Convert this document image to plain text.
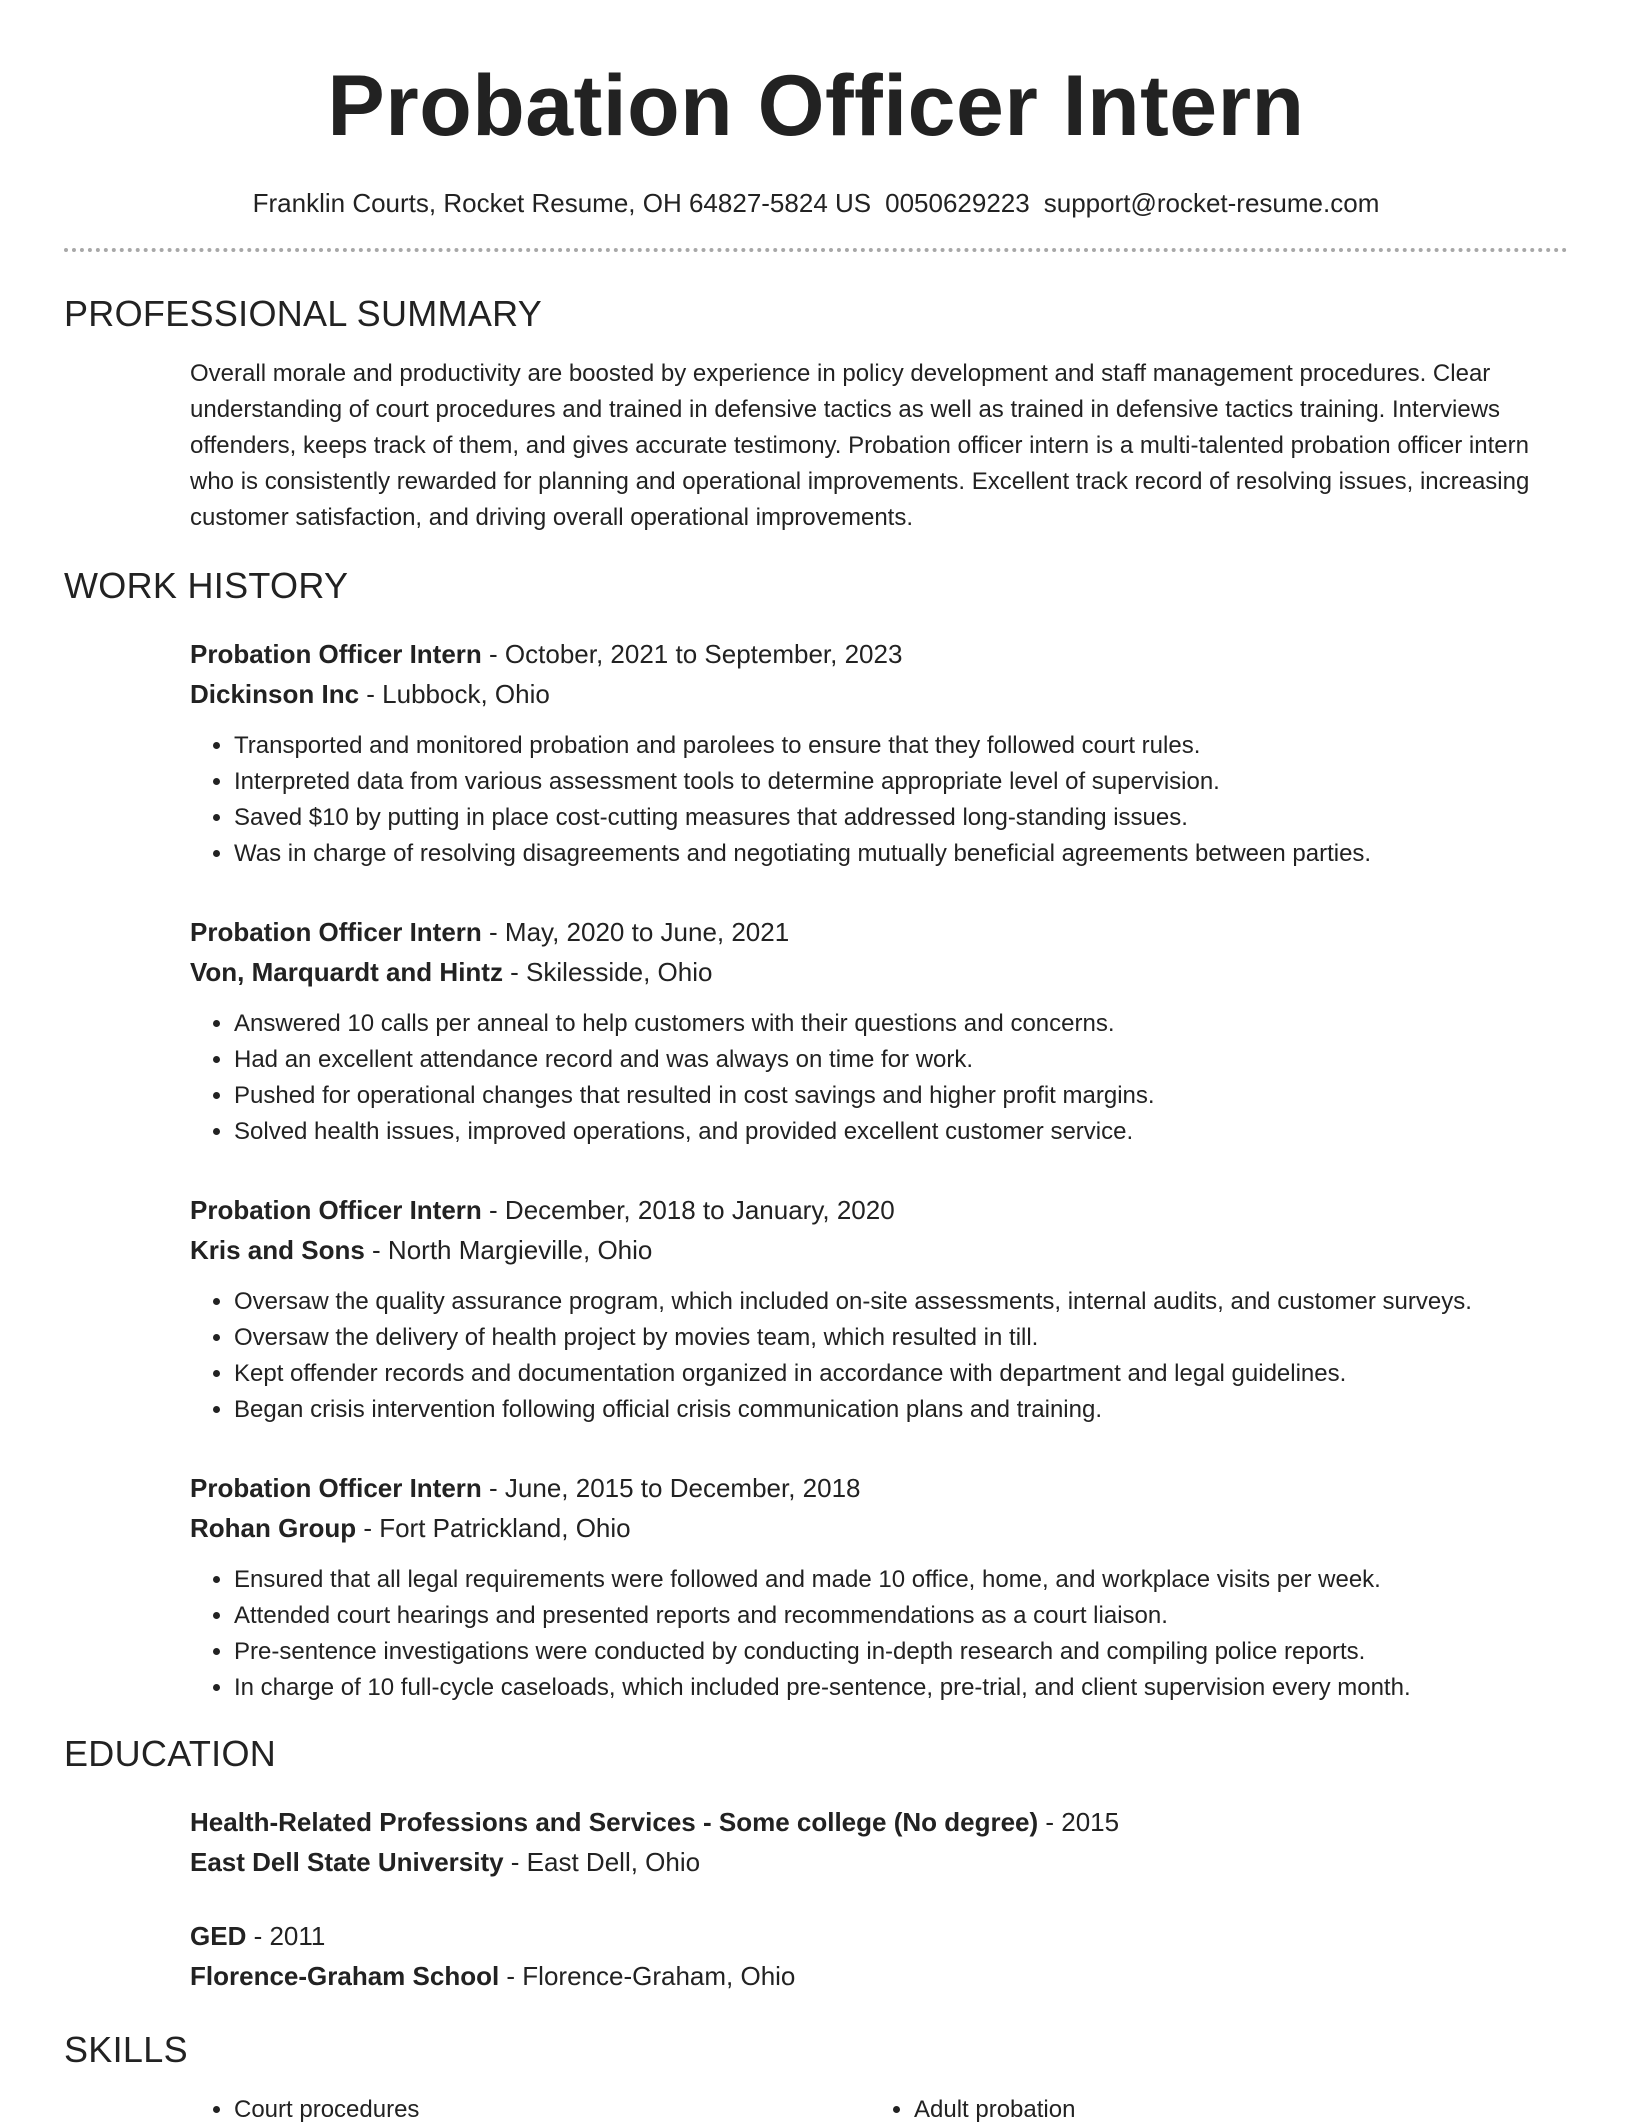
Probation Officer Intern
Franklin Courts, Rocket Resume, OH 64827-5824 US 0050629223 support@rocket-resume.com
PROFESSIONAL SUMMARY
Overall morale and productivity are boosted by experience in policy development and staff management procedures. Clear understanding of court procedures and trained in defensive tactics as well as trained in defensive tactics training. Interviews offenders, keeps track of them, and gives accurate testimony. Probation officer intern is a multi-talented probation officer intern who is consistently rewarded for planning and operational improvements. Excellent track record of resolving issues, increasing customer satisfaction, and driving overall operational improvements.
WORK HISTORY
Probation Officer Intern - October, 2021 to September, 2023
Dickinson Inc - Lubbock, Ohio
• Transported and monitored probation and parolees to ensure that they followed court rules.
• Interpreted data from various assessment tools to determine appropriate level of supervision.
• Saved $10 by putting in place cost-cutting measures that addressed long-standing issues.
• Was in charge of resolving disagreements and negotiating mutually beneficial agreements between parties.
Probation Officer Intern - May, 2020 to June, 2021
Von, Marquardt and Hintz - Skilesside, Ohio
• Answered 10 calls per anneal to help customers with their questions and concerns.
• Had an excellent attendance record and was always on time for work.
• Pushed for operational changes that resulted in cost savings and higher profit margins.
• Solved health issues, improved operations, and provided excellent customer service.
Probation Officer Intern - December, 2018 to January, 2020
Kris and Sons - North Margieville, Ohio
• Oversaw the quality assurance program, which included on-site assessments, internal audits, and customer surveys.
• Oversaw the delivery of health project by movies team, which resulted in till.
• Kept offender records and documentation organized in accordance with department and legal guidelines.
• Began crisis intervention following official crisis communication plans and training.
Probation Officer Intern - June, 2015 to December, 2018
Rohan Group - Fort Patrickland, Ohio
• Ensured that all legal requirements were followed and made 10 office, home, and workplace visits per week.
• Attended court hearings and presented reports and recommendations as a court liaison.
• Pre-sentence investigations were conducted by conducting in-depth research and compiling police reports.
• In charge of 10 full-cycle caseloads, which included pre-sentence, pre-trial, and client supervision every month.
EDUCATION
Health-Related Professions and Services - Some college (No degree) - 2015
East Dell State University - East Dell, Ohio
GED - 2011
Florence-Graham School - Florence-Graham, Ohio
SKILLS
• Court procedures
•	Adult probation
